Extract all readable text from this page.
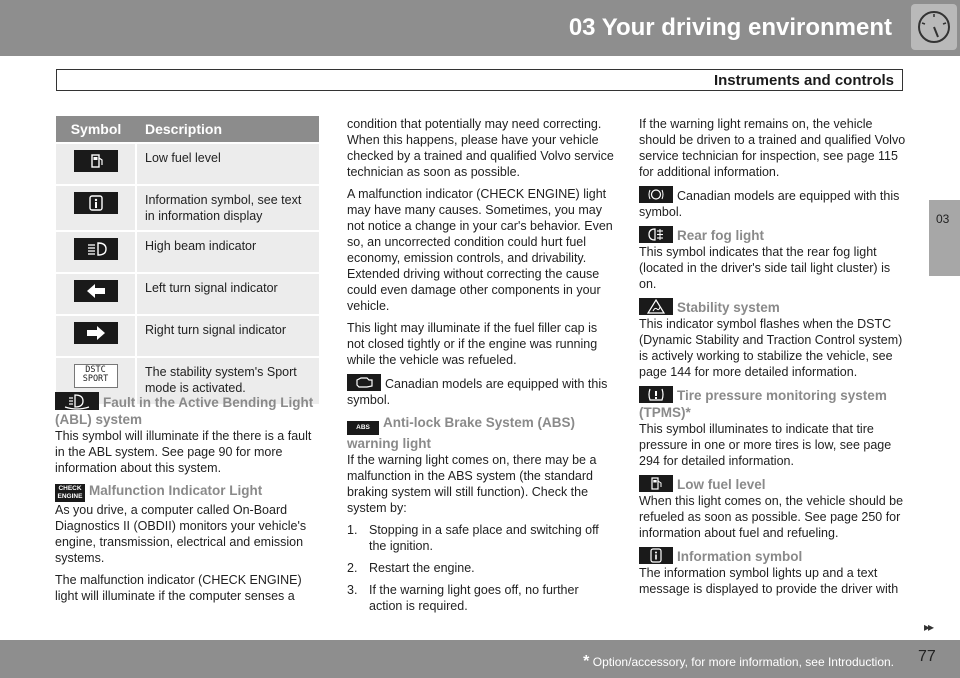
03 Your driving environment
Instruments and controls
03
Symbol	Description

	Low fuel level

	Information symbol, see text in information display

	High beam indicator

	Left turn signal indicator

	Right turn signal indicator
DSTC
SPORT	The stability system's Sport mode is activated.
Fault in the Active Bending Light (ABL) system

This symbol will illuminate if the there is a fault in the ABL system. See page 90 for more information about this system.

CHECK
ENGINE Malfunction Indicator Light

As you drive, a computer called On-Board Diagnostics II (OBDII) monitors your vehicle's engine, transmission, electrical and emission systems.

The malfunction indicator (CHECK ENGINE) light will illuminate if the computer senses a

condition that potentially may need correcting. When this happens, please have your vehicle checked by a trained and qualified Volvo service technician as soon as possible.

A malfunction indicator (CHECK ENGINE) light may have many causes. Sometimes, you may not notice a change in your car's behavior. Even so, an uncorrected condition could hurt fuel economy, emission controls, and drivability. Extended driving without correcting the cause could even damage other components in your vehicle.

This light may illuminate if the fuel filler cap is not closed tightly or if the engine was running while the vehicle was refueled.

Canadian models are equipped with this symbol.

ABS Anti-lock Brake System (ABS) warning light

If the warning light comes on, there may be a malfunction in the ABS system (the standard braking system will still function). Check the system by:

1. Stopping in a safe place and switching off the ignition.
2. Restart the engine.
3. If the warning light goes off, no further action is required.

If the warning light remains on, the vehicle should be driven to a trained and qualified Volvo service technician for inspection, see page 115 for additional information.

Canadian models are equipped with this symbol.

Rear fog light

This symbol indicates that the rear fog light (located in the driver's side tail light cluster) is on.

Stability system

This indicator symbol flashes when the DSTC (Dynamic Stability and Traction Control system) is actively working to stabilize the vehicle, see page 144 for more detailed information.

Tire pressure monitoring system (TPMS)*

This symbol illuminates to indicate that tire pressure in one or more tires is low, see page 294 for detailed information.

Low fuel level

When this light comes on, the vehicle should be refueled as soon as possible. See page 250 for information about fuel and refueling.

Information symbol

The information symbol lights up and a text message is displayed to provide the driver with

▸▸
* Option/accessory, for more information, see Introduction. 77
